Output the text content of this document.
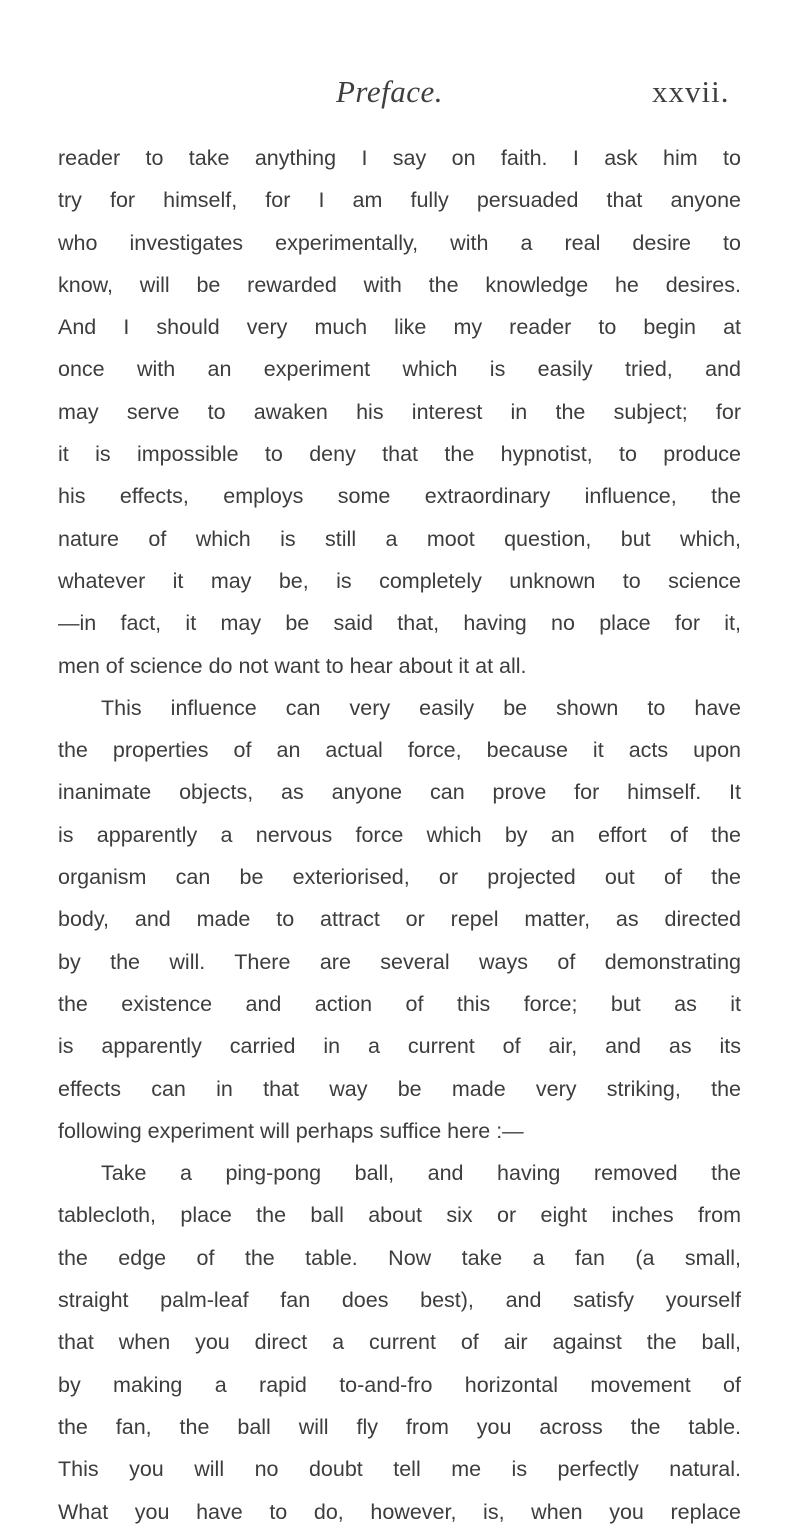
Preface.	xxvii.
reader to take anything I say on faith. I ask him to
try for himself, for I am fully persuaded that anyone
who investigates experimentally, with a real desire to
know, will be rewarded with the knowledge he desires.
And I should very much like my reader to begin at
once with an experiment which is easily tried, and
may serve to awaken his interest in the subject; for
it is impossible to deny that the hypnotist, to produce
his effects, employs some extraordinary influence, the
nature of which is still a moot question, but which,
whatever it may be, is completely unknown to science
—in fact, it may be said that, having no place for it,
men of science do not want to hear about it at all.
This influence can very easily be shown to have
the properties of an actual force, because it acts upon
inanimate objects, as anyone can prove for himself. It
is apparently a nervous force which by an effort of the
organism can be exteriorised, or projected out of the
body, and made to attract or repel matter, as directed
by the will. There are several ways of demonstrating
the existence and action of this force; but as it
is apparently carried in a current of air, and as its
effects can in that way be made very striking, the
following experiment will perhaps suffice here :—
Take a ping-pong ball, and having removed the
tablecloth, place the ball about six or eight inches from
the edge of the table. Now take a fan (a small,
straight palm-leaf fan does best), and satisfy yourself
that when you direct a current of air against the ball,
by making a rapid to-and-fro horizontal movement of
the fan, the ball will fly from you across the table.
This you will no doubt tell me is perfectly natural.
What you have to do, however, is, when you replace
